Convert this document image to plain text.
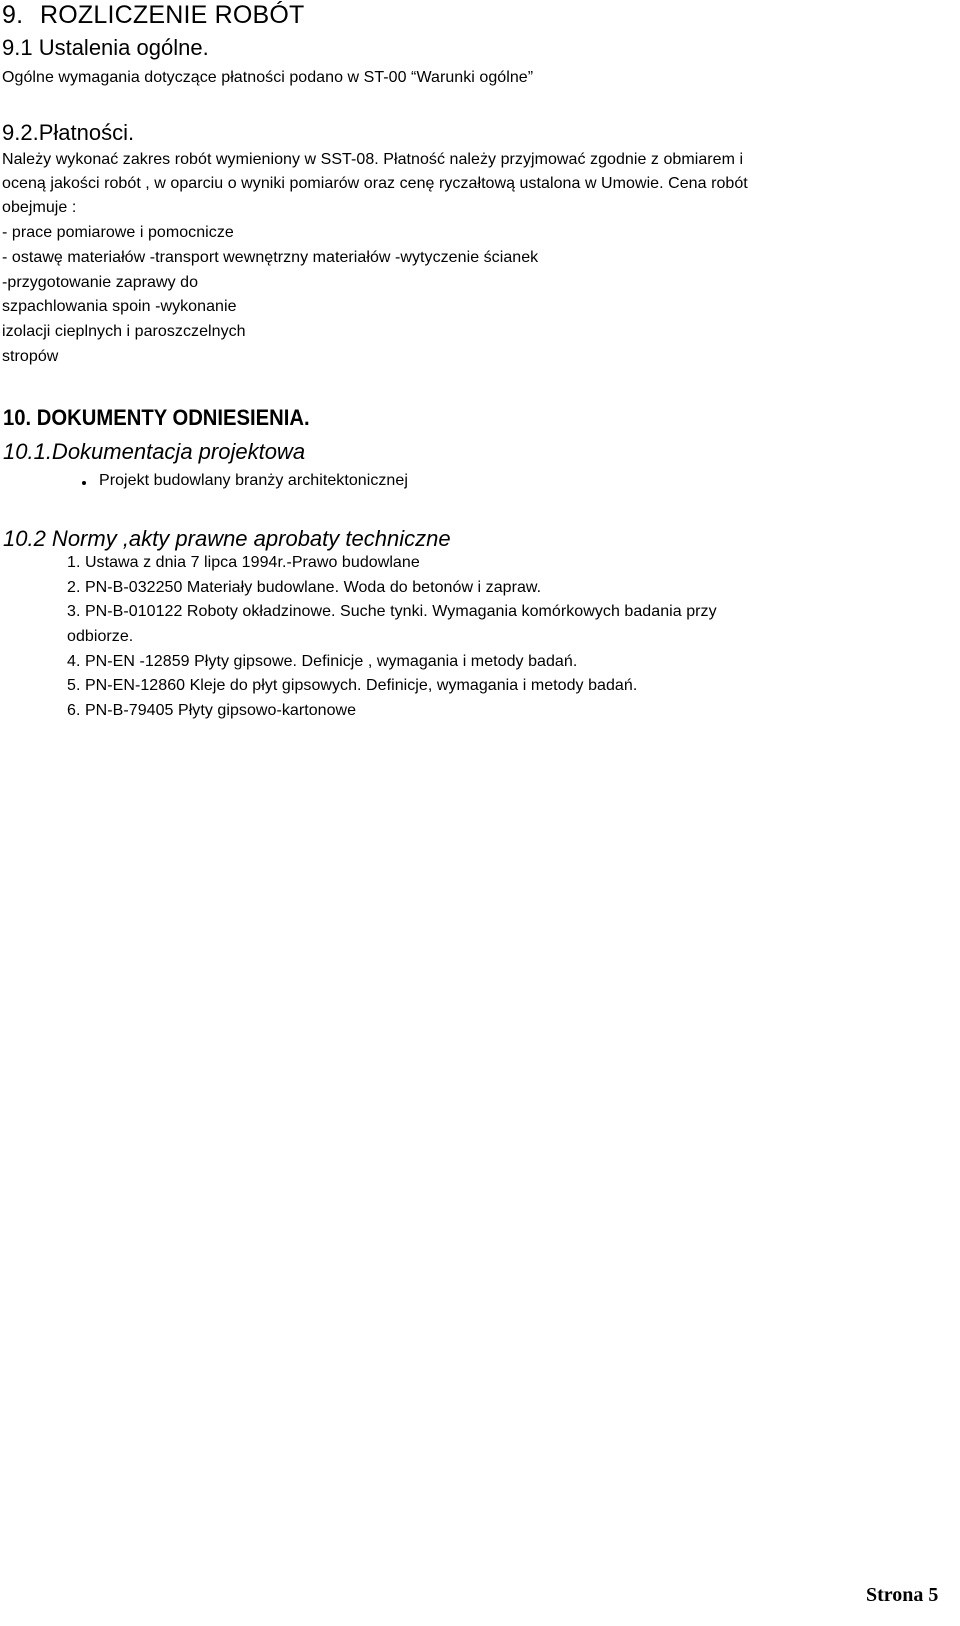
9. ROZLICZENIE ROBÓT
9.1 Ustalenia ogólne.
Ogólne wymagania dotyczące płatności podano w ST-00 “Warunki ogólne”
9.2.Płatności.
Należy wykonać zakres robót wymieniony w SST-08. Płatność należy przyjmować zgodnie z obmiarem i
oceną jakości robót , w oparciu o wyniki pomiarów oraz cenę ryczałtową ustalona w Umowie. Cena robót
obejmuje :
- prace pomiarowe i pomocnicze
- ostawę materiałów -transport wewnętrzny materiałów -wytyczenie ścianek
-przygotowanie zaprawy do
szpachlowania spoin -wykonanie
izolacji cieplnych i paroszczelnych
stropów
10. DOKUMENTY ODNIESIENIA.
10.1.Dokumentacja projektowa
Projekt budowlany branży architektonicznej
10.2 Normy ,akty prawne aprobaty techniczne
1. Ustawa z dnia 7 lipca 1994r.-Prawo budowlane
2. PN-B-032250 Materiały budowlane. Woda do betonów i zapraw.
3. PN-B-010122 Roboty okładzinowe. Suche tynki. Wymagania komórkowych badania przy
odbiorze.
4. PN-EN -12859 Płyty gipsowe. Definicje , wymagania i metody badań.
5. PN-EN-12860 Kleje do płyt gipsowych. Definicje, wymagania i metody badań.
6. PN-B-79405 Płyty gipsowo-kartonowe
Strona 5
